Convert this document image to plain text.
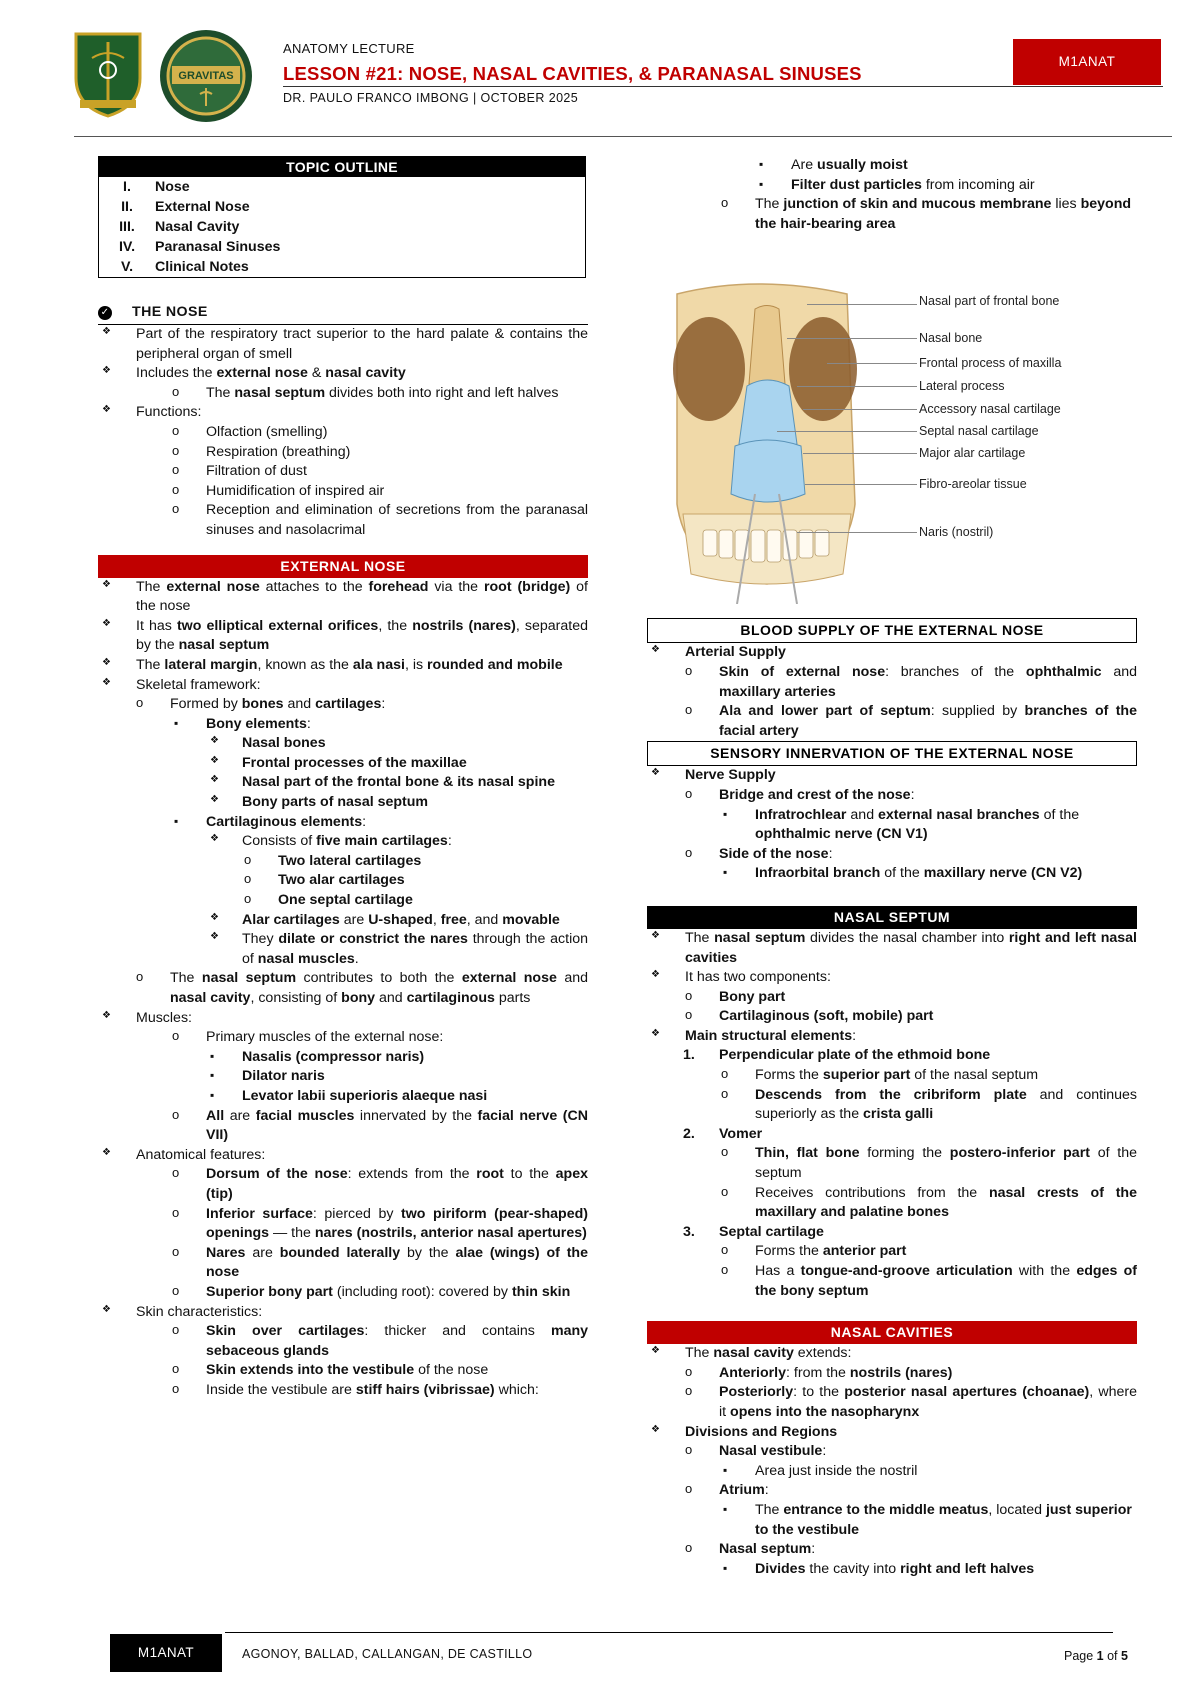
GRAVITAS
ANATOMY LECTURE
LESSON #21: NOSE, NASAL CAVITIES, & PARANASAL SINUSES
DR. PAULO FRANCO IMBONG | OCTOBER 2025
M1ANAT
TOPIC OUTLINE
I.	Nose
II.	External Nose
III.	Nasal Cavity
IV.	Paranasal Sinuses
V.	Clinical Notes
✓ THE NOSE
❖ Part of the respiratory tract superior to the hard palate & contains the peripheral organ of smell
❖ Includes the external nose & nasal cavity
o The nasal septum divides both into right and left halves
❖ Functions:
o Olfaction (smelling)
o Respiration (breathing)
o Filtration of dust
o Humidification of inspired air
o Reception and elimination of secretions from the paranasal sinuses and nasolacrimal
EXTERNAL NOSE
❖ The external nose attaches to the forehead via the root (bridge) of the nose
❖ It has two elliptical external orifices, the nostrils (nares), separated by the nasal septum
❖ The lateral margin, known as the ala nasi, is rounded and mobile
❖ Skeletal framework:
o Formed by bones and cartilages:
▪ Bony elements:
❖ Nasal bones
❖ Frontal processes of the maxillae
❖ Nasal part of the frontal bone & its nasal spine
❖ Bony parts of nasal septum
▪ Cartilaginous elements:
❖ Consists of five main cartilages:
o Two lateral cartilages
o Two alar cartilages
o One septal cartilage
❖ Alar cartilages are U-shaped, free, and movable
❖ They dilate or constrict the nares through the action of nasal muscles.
o The nasal septum contributes to both the external nose and nasal cavity, consisting of bony and cartilaginous parts
❖ Muscles:
o Primary muscles of the external nose:
▪ Nasalis (compressor naris)
▪ Dilator naris
▪ Levator labii superioris alaeque nasi
o All are facial muscles innervated by the facial nerve (CN VII)
❖ Anatomical features:
o Dorsum of the nose: extends from the root to the apex (tip)
o Inferior surface: pierced by two piriform (pear-shaped) openings — the nares (nostrils, anterior nasal apertures)
o Nares are bounded laterally by the alae (wings) of the nose
o Superior bony part (including root): covered by thin skin
❖ Skin characteristics:
o Skin over cartilages: thicker and contains many sebaceous glands
o Skin extends into the vestibule of the nose
o Inside the vestibule are stiff hairs (vibrissae) which:
▪ Are usually moist
▪ Filter dust particles from incoming air
o The junction of skin and mucous membrane lies beyond the hair-bearing area
Nasal part of frontal bone
Nasal bone
Frontal process of maxilla
Lateral process
Accessory nasal cartilage
Septal nasal cartilage
Major alar cartilage
Fibro-areolar tissue
Naris (nostril)
BLOOD SUPPLY OF THE EXTERNAL NOSE
❖ Arterial Supply
o Skin of external nose: branches of the ophthalmic and maxillary arteries
o Ala and lower part of septum: supplied by branches of the facial artery
SENSORY INNERVATION OF THE EXTERNAL NOSE
❖ Nerve Supply
o Bridge and crest of the nose:
▪ Infratrochlear and external nasal branches of the ophthalmic nerve (CN V1)
o Side of the nose:
▪ Infraorbital branch of the maxillary nerve (CN V2)
NASAL SEPTUM
❖ The nasal septum divides the nasal chamber into right and left nasal cavities
❖ It has two components:
o Bony part
o Cartilaginous (soft, mobile) part
❖ Main structural elements:
1. Perpendicular plate of the ethmoid bone
o Forms the superior part of the nasal septum
o Descends from the cribriform plate and continues superiorly as the crista galli
2. Vomer
o Thin, flat bone forming the postero-inferior part of the septum
o Receives contributions from the nasal crests of the maxillary and palatine bones
3. Septal cartilage
o Forms the anterior part
o Has a tongue-and-groove articulation with the edges of the bony septum
NASAL CAVITIES
❖ The nasal cavity extends:
o Anteriorly: from the nostrils (nares)
o Posteriorly: to the posterior nasal apertures (choanae), where it opens into the nasopharynx
❖ Divisions and Regions
o Nasal vestibule:
▪ Area just inside the nostril
o Atrium:
▪ The entrance to the middle meatus, located just superior to the vestibule
o Nasal septum:
▪ Divides the cavity into right and left halves
M1ANAT	AGONOY, BALLAD, CALLANGAN, DE CASTILLO	Page 1 of 5
